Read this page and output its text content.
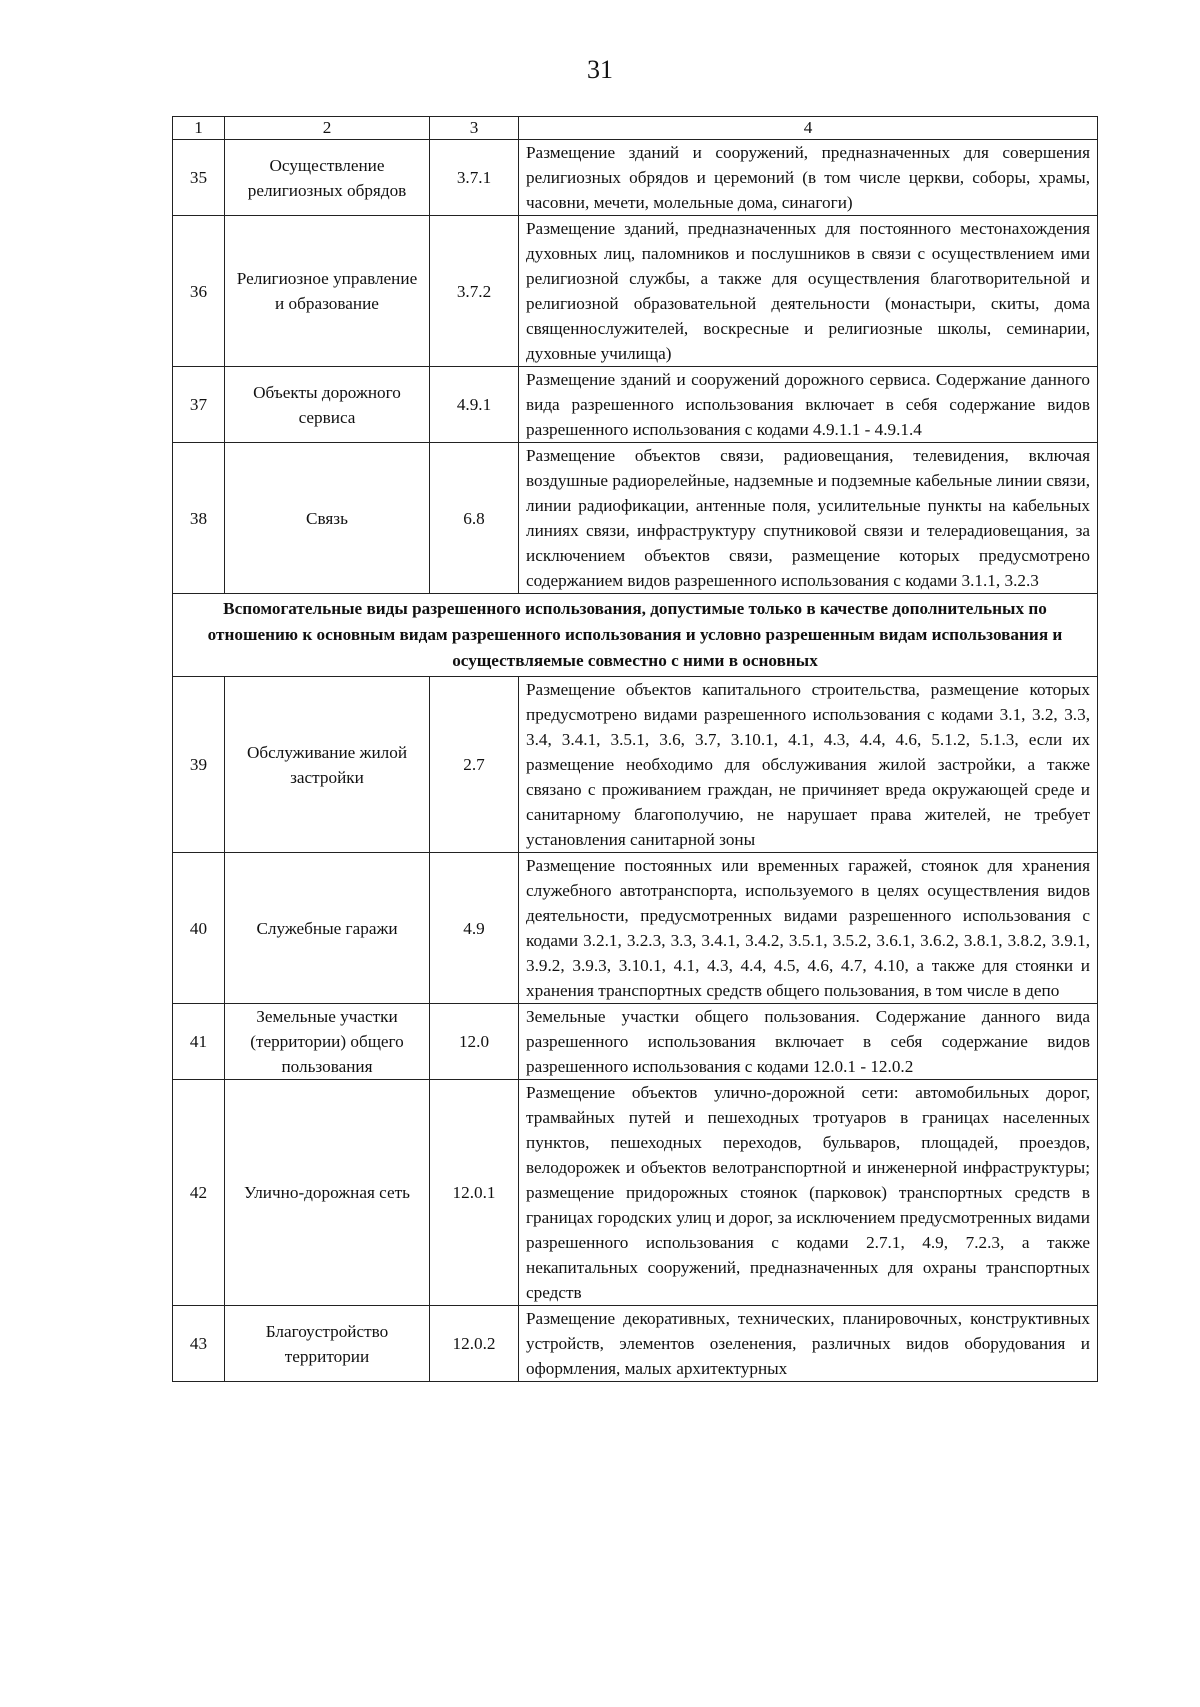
31
1	2	3	4
35	Осуществление религиозных обрядов	3.7.1	Размещение зданий и сооружений, предназначенных для совершения религиозных обрядов и церемоний (в том числе церкви, соборы, храмы, часовни, мечети, молельные дома, синагоги)
36	Религиозное управление и образование	3.7.2	Размещение зданий, предназначенных для постоянного местонахождения духовных лиц, паломников и послушников в связи с осуществлением ими религиозной службы, а также для осуществления благотворительной и религиозной образовательной деятельности (монастыри, скиты, дома священнослужителей, воскресные и религиозные школы, семинарии, духовные училища)
37	Объекты дорожного сервиса	4.9.1	Размещение зданий и сооружений дорожного сервиса. Содержание данного вида разрешенного использования включает в себя содержание видов разрешенного использования с кодами 4.9.1.1 - 4.9.1.4
38	Связь	6.8	Размещение объектов связи, радиовещания, телевидения, включая воздушные радиорелейные, надземные и подземные кабельные линии связи, линии радиофикации, антенные поля, усилительные пункты на кабельных линиях связи, инфраструктуру спутниковой связи и телерадиовещания, за исключением объектов связи, размещение которых предусмотрено содержанием видов разрешенного использования с кодами 3.1.1, 3.2.3
Вспомогательные виды разрешенного использования, допустимые только в качестве дополнительных по отношению к основным видам разрешенного использования и условно разрешенным видам использования и осуществляемые совместно с ними в основных			
39	Обслуживание жилой застройки	2.7	Размещение объектов капитального строительства, размещение которых предусмотрено видами разрешенного использования с кодами 3.1, 3.2, 3.3, 3.4, 3.4.1, 3.5.1, 3.6, 3.7, 3.10.1, 4.1, 4.3, 4.4, 4.6, 5.1.2, 5.1.3, если их размещение необходимо для обслуживания жилой застройки, а также связано с проживанием граждан, не причиняет вреда окружающей среде и санитарному благополучию, не нарушает права жителей, не требует установления санитарной зоны
40	Служебные гаражи	4.9	Размещение постоянных или временных гаражей, стоянок для хранения служебного автотранспорта, используемого в целях осуществления видов деятельности, предусмотренных видами разрешенного использования с кодами 3.2.1, 3.2.3, 3.3, 3.4.1, 3.4.2, 3.5.1, 3.5.2, 3.6.1, 3.6.2, 3.8.1, 3.8.2, 3.9.1, 3.9.2, 3.9.3, 3.10.1, 4.1, 4.3, 4.4, 4.5, 4.6, 4.7, 4.10, а также для стоянки и хранения транспортных средств общего пользования, в том числе в депо
41	Земельные участки (территории) общего пользования	12.0	Земельные участки общего пользования. Содержание данного вида разрешенного использования включает в себя содержание видов разрешенного использования с кодами 12.0.1 - 12.0.2
42	Улично-дорожная сеть	12.0.1	Размещение объектов улично-дорожной сети: автомобильных дорог, трамвайных путей и пешеходных тротуаров в границах населенных пунктов, пешеходных переходов, бульваров, площадей, проездов, велодорожек и объектов велотранспортной и инженерной инфраструктуры; размещение придорожных стоянок (парковок) транспортных средств в границах городских улиц и дорог, за исключением предусмотренных видами разрешенного использования с кодами 2.7.1, 4.9, 7.2.3, а также некапитальных сооружений, предназначенных для охраны транспортных средств
43	Благоустройство территории	12.0.2	Размещение декоративных, технических, планировочных, конструктивных устройств, элементов озеленения, различных видов оборудования и оформления, малых архитектурных
